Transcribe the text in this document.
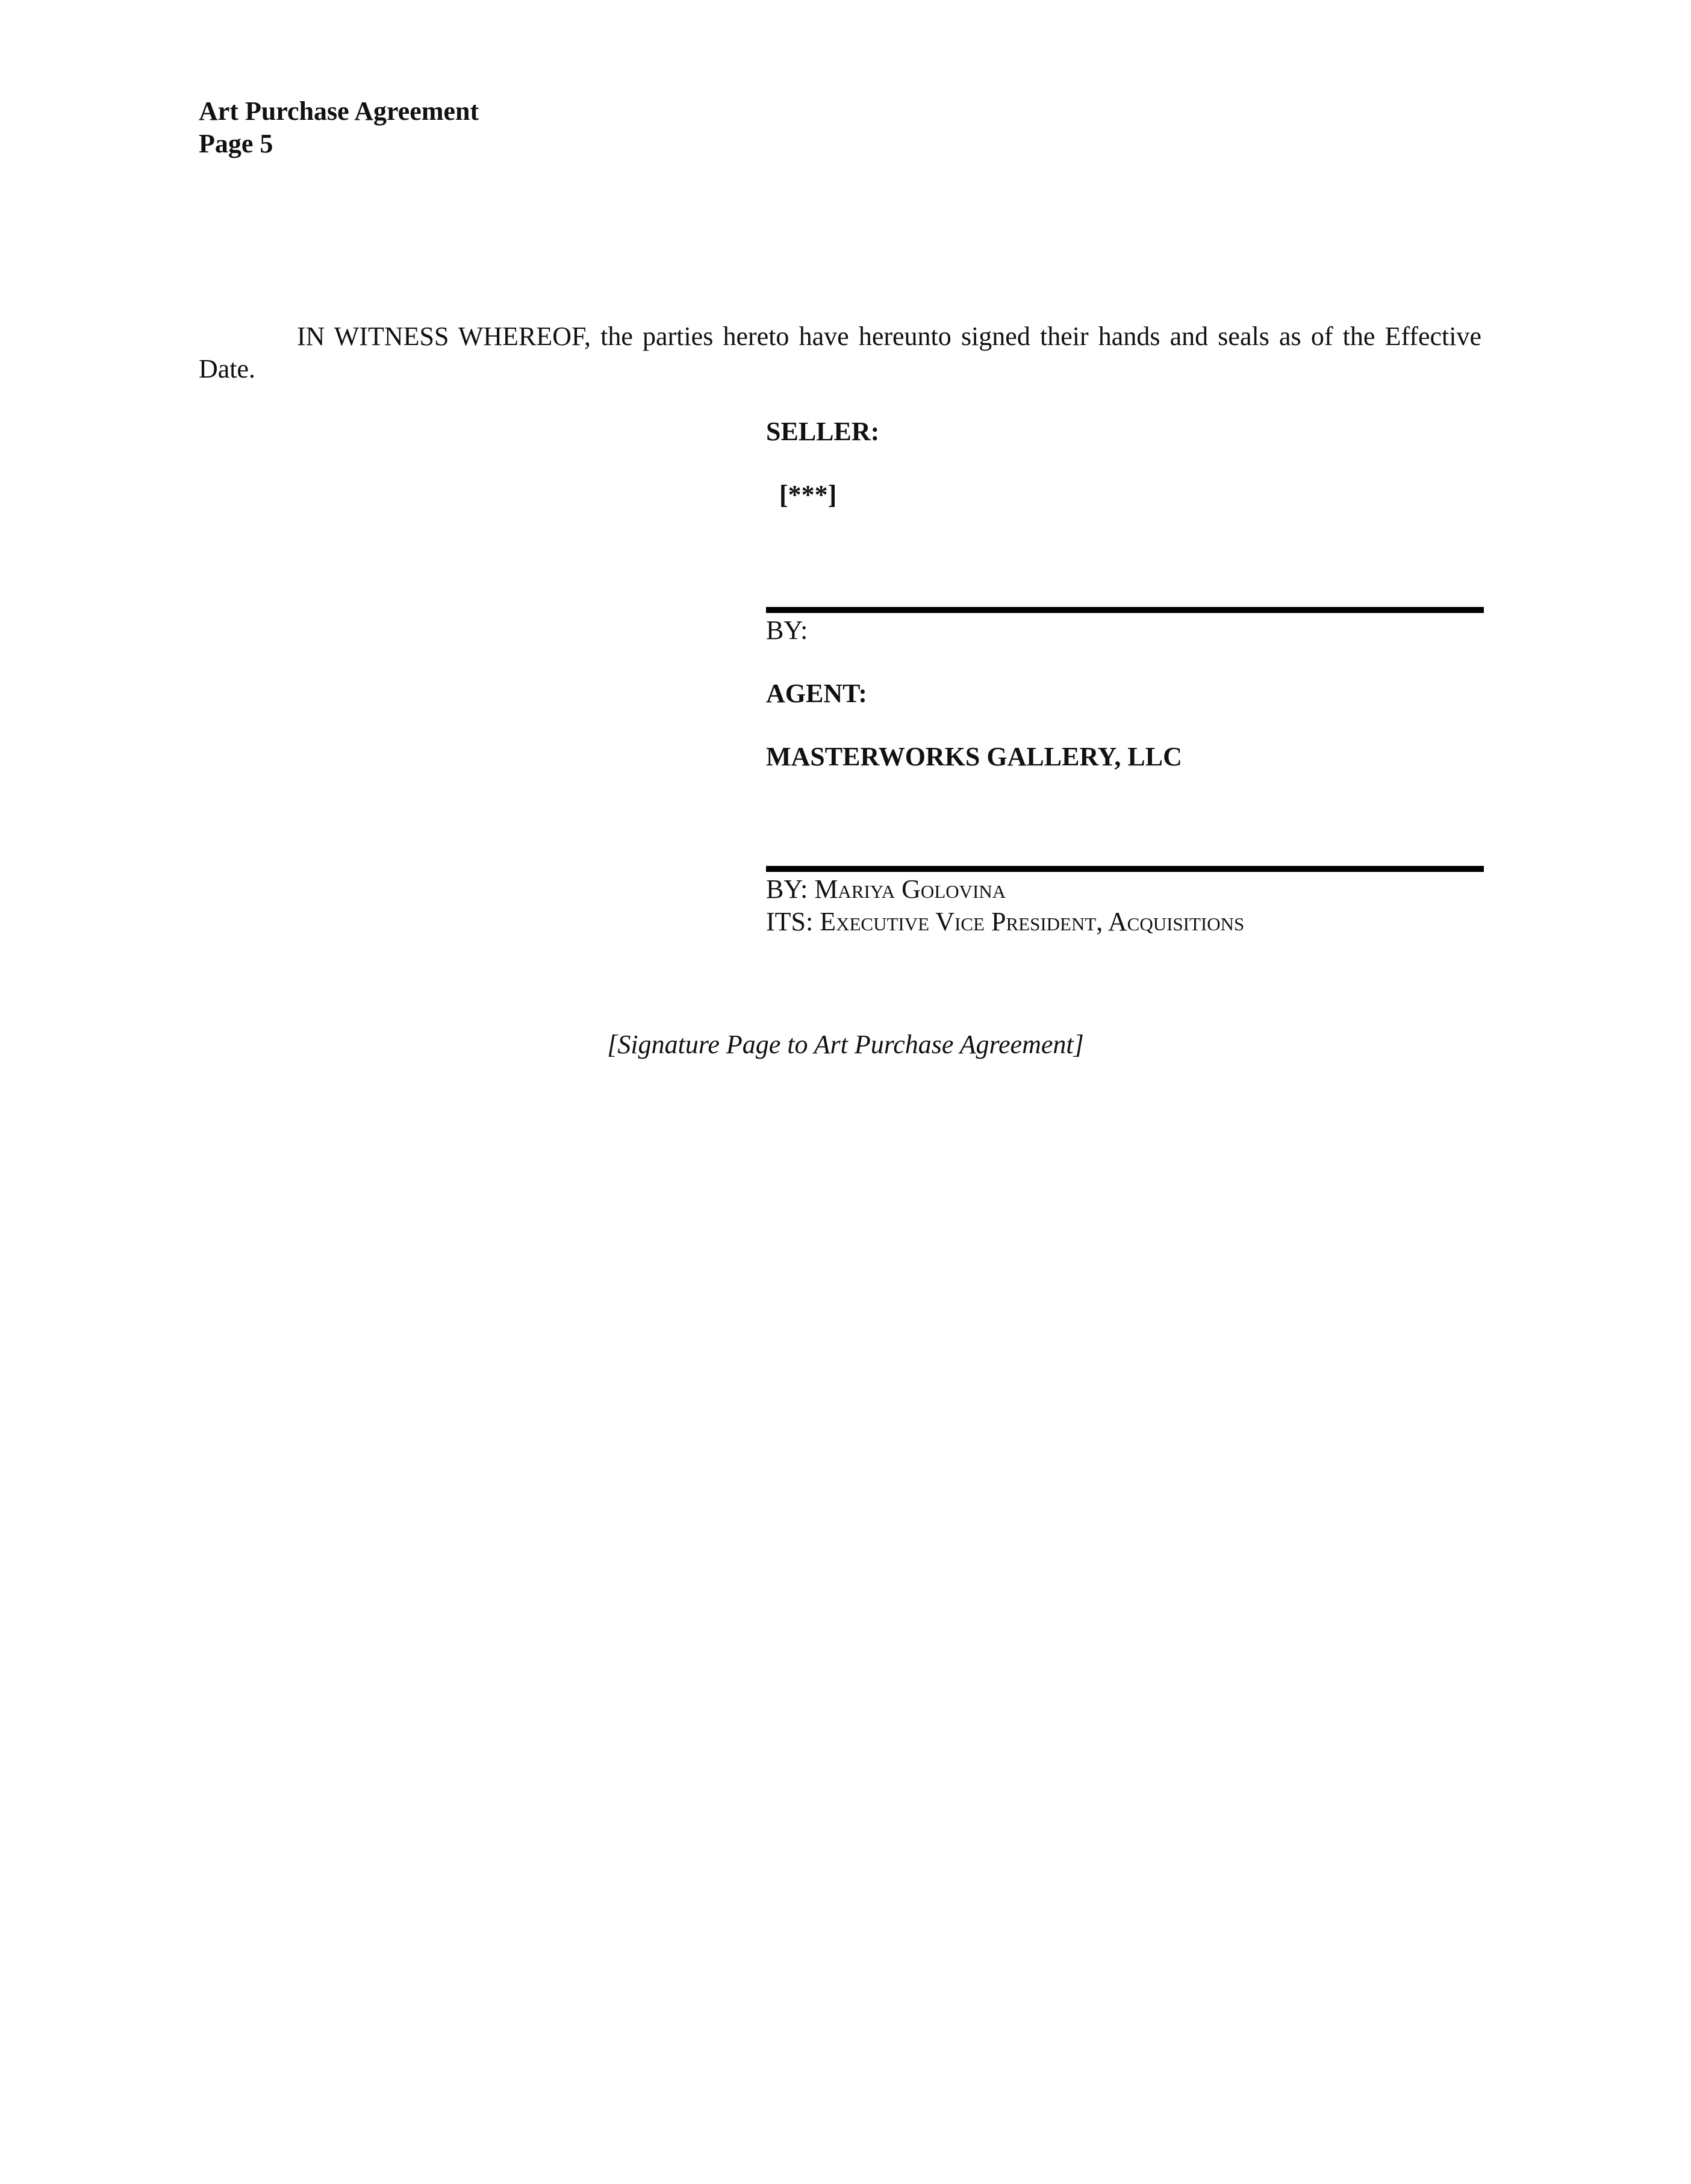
Art Purchase Agreement
Page 5
IN WITNESS WHEREOF, the parties hereto have hereunto signed their hands and seals as of the Effective
Date.
SELLER:
[***]
BY:
AGENT:
MASTERWORKS GALLERY, LLC
BY: Mariya Golovina
ITS: Executive Vice President, Acquisitions
[Signature Page to Art Purchase Agreement]
